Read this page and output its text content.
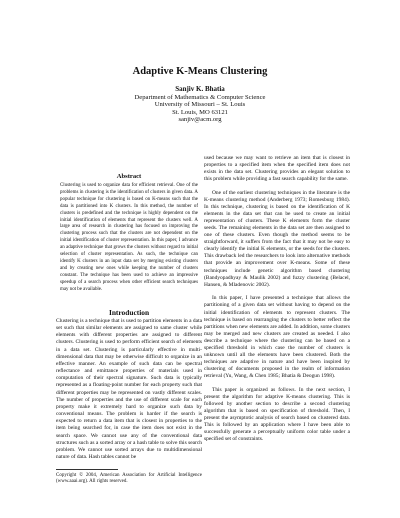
Adaptive K-Means Clustering
Sanjiv K. Bhatia
Department of Mathematics & Computer Science
University of Missouri – St. Louis
St. Louis, MO 63121
sanjiv@acm.org
Abstract
Clustering is used to organize data for efficient retrieval. One of the problems in clustering is the identification of clusters in given data. A popular technique for clustering is based on K-means such that the data is partitioned into K clusters. In this method, the number of clusters is predefined and the technique is highly dependent on the initial identification of elements that represent the clusters well. A large area of research in clustering has focused on improving the clustering process such that the clusters are not dependent on the initial identification of cluster representation. In this paper, I advance an adaptive technique that grows the clusters without regard to initial selection of cluster representation. As such, the technique can identify K clusters in an input data set by merging existing clusters and by creating new ones while keeping the number of clusters constant. The technique has been used to achieve an impressive speedup of a search process when other efficient search techniques may not be available.
Introduction
Clustering is a technique that is used to partition elements in a data set such that similar elements are assigned to same cluster while elements with different properties are assigned to different clusters. Clustering is used to perform efficient search of elements in a data set. Clustering is particularly effective in multi-dimensional data that may be otherwise difficult to organize in an effective manner. An example of such data can be spectral reflectance and emittance properties of materials used in computation of their spectral signature. Such data is typically represented as a floating-point number for each property such that different properties may be represented on vastly different scales. The number of properties and the use of different scale for each property make it extremely hard to organize such data by conventional means. The problem is harder if the search is expected to return a data item that is closest in properties to the item being searched for, in case the item does not exist in the search space. We cannot use any of the conventional data structures such as a sorted array or a hash table to solve this search problem. We cannot use sorted arrays due to multidimensional nature of data. Hash tables cannot be
Copyright © 2004, American Association for Artificial Intelligence (www.aaai.org). All rights reserved.
used because we may want to retrieve an item that is closest in properties to a specified item when the specified item does not exists in the data set. Clustering provides an elegant solution to this problem while providing a fast search capability for the same.
One of the earliest clustering techniques in the literature is the K-means clustering method (Anderberg 1973; Romesburg 1984). In this technique, clustering is based on the identification of K elements in the data set that can be used to create an initial representation of clusters. These K elements form the cluster seeds. The remaining elements in the data set are then assigned to one of these clusters. Even though the method seems to be straightforward, it suffers from the fact that it may not be easy to clearly identify the initial K elements, or the seeds for the clusters. This drawback led the researchers to look into alternative methods that provide an improvement over K-means. Some of these techniques include genetic algorithm based clustering (Bandyopadhyay & Maulik 2002) and fuzzy clustering (Belacel, Hansen, & Mladenovic 2002).
In this paper, I have presented a technique that allows the partitioning of a given data set without having to depend on the initial identification of elements to represent clusters. The technique is based on rearranging the clusters to better reflect the partitions when new elements are added. In addition, some clusters may be merged and new clusters are created as needed. I also describe a technique where the clustering can be based on a specified threshold in which case the number of clusters is unknown until all the elements have been clustered. Both the techniques are adaptive in nature and have been inspired by clustering of documents proposed in the realm of information retrieval (Yu, Wang, & Chen 1985; Bhatia & Deogun 1998).
This paper is organized as follows. In the next section, I present the algorithm for adaptive K-means clustering. This is followed by another section to describe a second clustering algorithm that is based on specification of threshold. Then, I present the asymptotic analysis of search based on clustered data. This is followed by an application where I have been able to successfully generate a perceptually uniform color table under a specified set of constraints.
